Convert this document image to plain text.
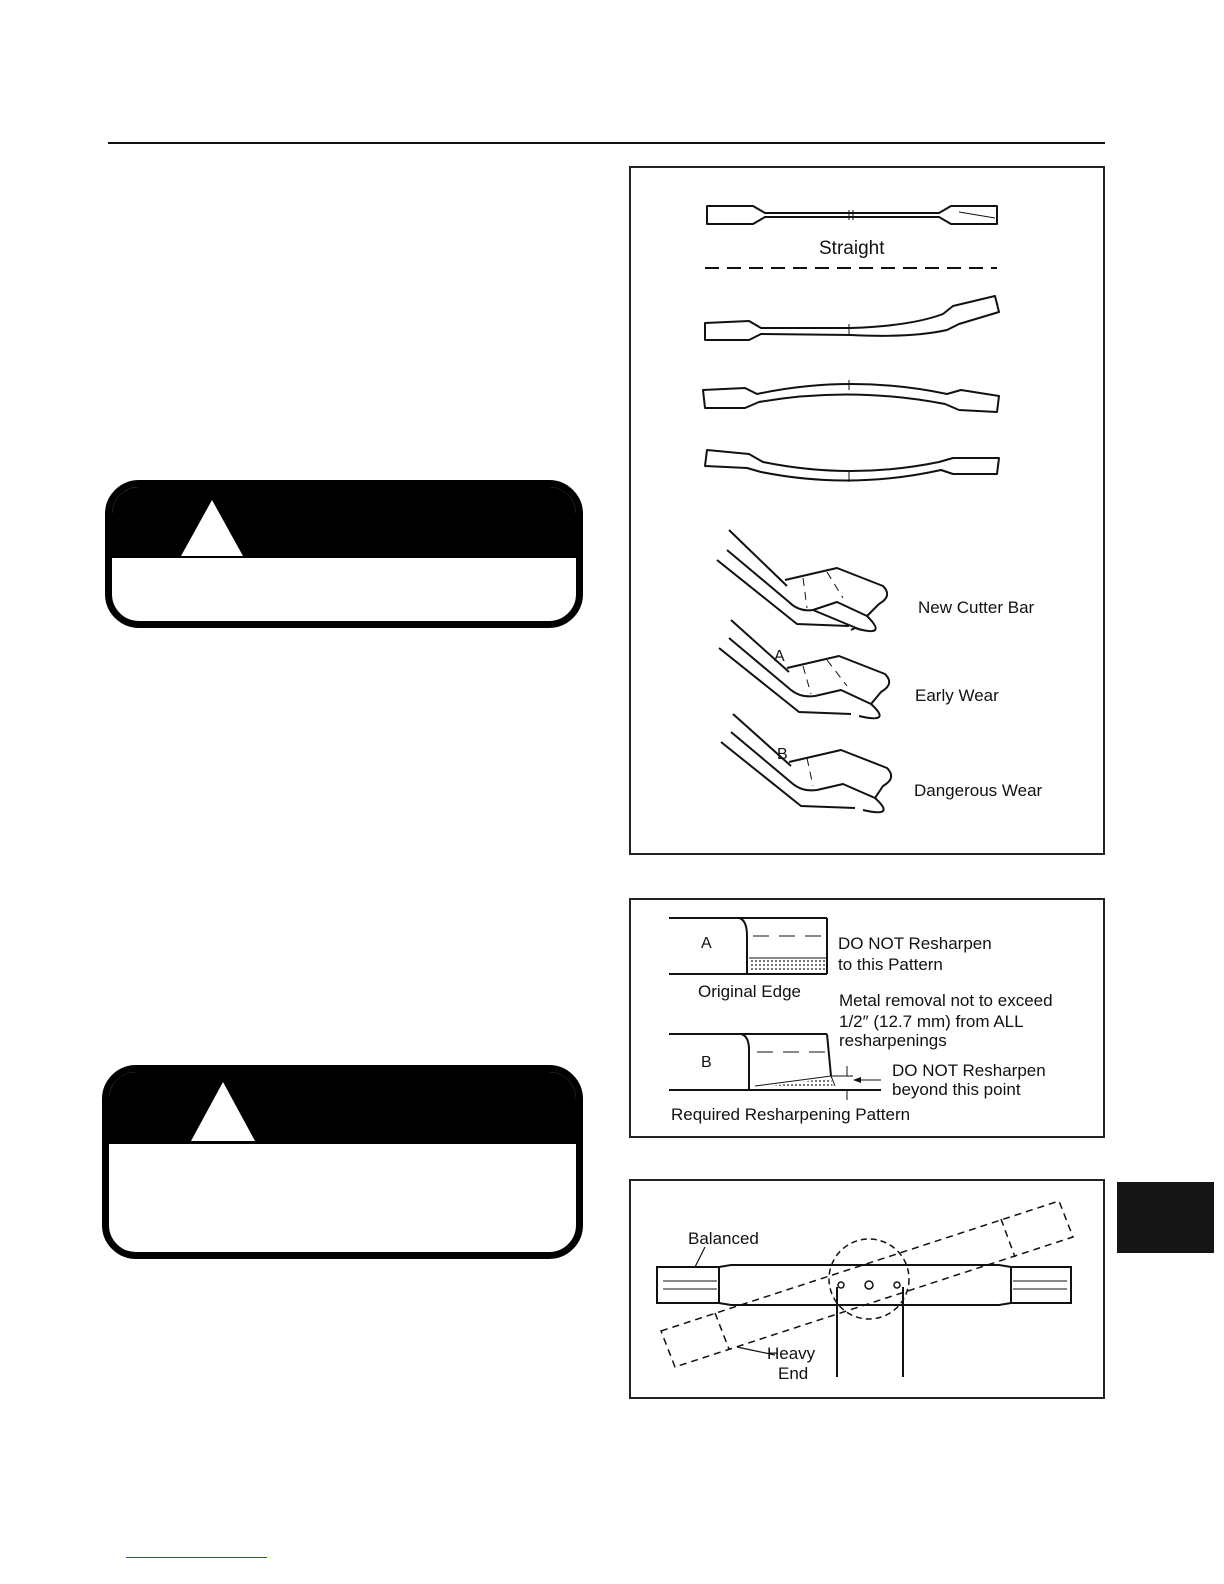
Straight
New Cutter Bar
A
Early Wear
B
Dangerous Wear
A	DO NOT Resharpen
to this Pattern
Original Edge Metal removal not to exceed
1/2″ (12.7 mm) from ALL
resharpenings
B	DO NOT Resharpen
beyond this point
Required Resharpening Pattern
Balanced
Heavy
End
